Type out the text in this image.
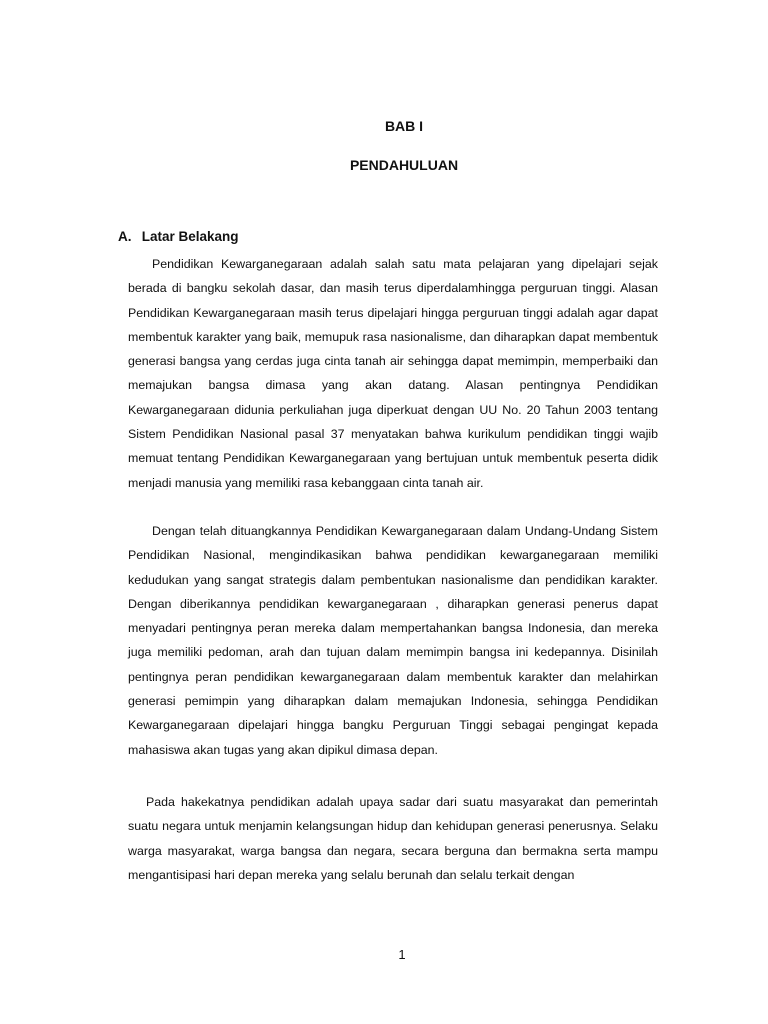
BAB I
PENDAHULUAN
A. Latar Belakang

Pendidikan Kewarganegaraan adalah salah satu mata pelajaran yang dipelajari sejak berada di bangku sekolah dasar, dan masih terus diperdalamhingga perguruan tinggi. Alasan Pendidikan Kewarganegaraan masih terus dipelajari hingga perguruan tinggi adalah agar dapat membentuk karakter yang baik, memupuk rasa nasionalisme, dan diharapkan dapat membentuk generasi bangsa yang cerdas juga cinta tanah air sehingga dapat memimpin, memperbaiki dan memajukan bangsa dimasa yang akan datang. Alasan pentingnya Pendidikan Kewarganegaraan diduniа perkuliahan juga diperkuat dengan UU No. 20 Tahun 2003 tentang Sistem Pendidikan Nasional pasal 37 menyatakan bahwa kurikulum pendidikan tinggi wajib memuat tentang Pendidikan Kewarganegaraan yang bertujuan untuk membentuk peserta didik menjadi manusia yang memiliki rasa kebanggaan cinta tanah air.

Dengan telah dituangkannya Pendidikan Kewarganegaraan dalam Undang-Undang Sistem Pendidikan Nasional, mengindikasikan bahwa pendidikan kewarganegaraan memiliki kedudukan yang sangat strategis dalam pembentukan nasionalisme dan pendidikan karakter. Dengan diberikannya pendidikan kewarganegaraan , diharapkan generasi penerus dapat menyadari pentingnya peran mereka dalam mempertahankan bangsa Indonesia, dan mereka juga memiliki pedoman, arah dan tujuan dalam memimpin bangsa ini kedepannya. Disinilah pentingnya peran pendidikan kewarganegaraan dalam membentuk karakter dan melahirkan generasi pemimpin yang diharapkan dalam memajukan Indonesia, sehingga Pendidikan Kewarganegaraan dipelajari hingga bangku Perguruan Tinggi sebagai pengingat kepada mahasiswa akan tugas yang akan dipikul dimasa depan.

Pada hakekatnya pendidikan adalah upaya sadar dari suatu masyarakat dan pemerintah suatu negara untuk menjamin kelangsungan hidup dan kehidupan generasi penerusnya. Selaku warga masyarakat, warga bangsa dan negara, secara berguna dan bermakna serta mampu mengantisipasi hari depan mereka yang selalu berunah dan selalu terkait dengan

1
